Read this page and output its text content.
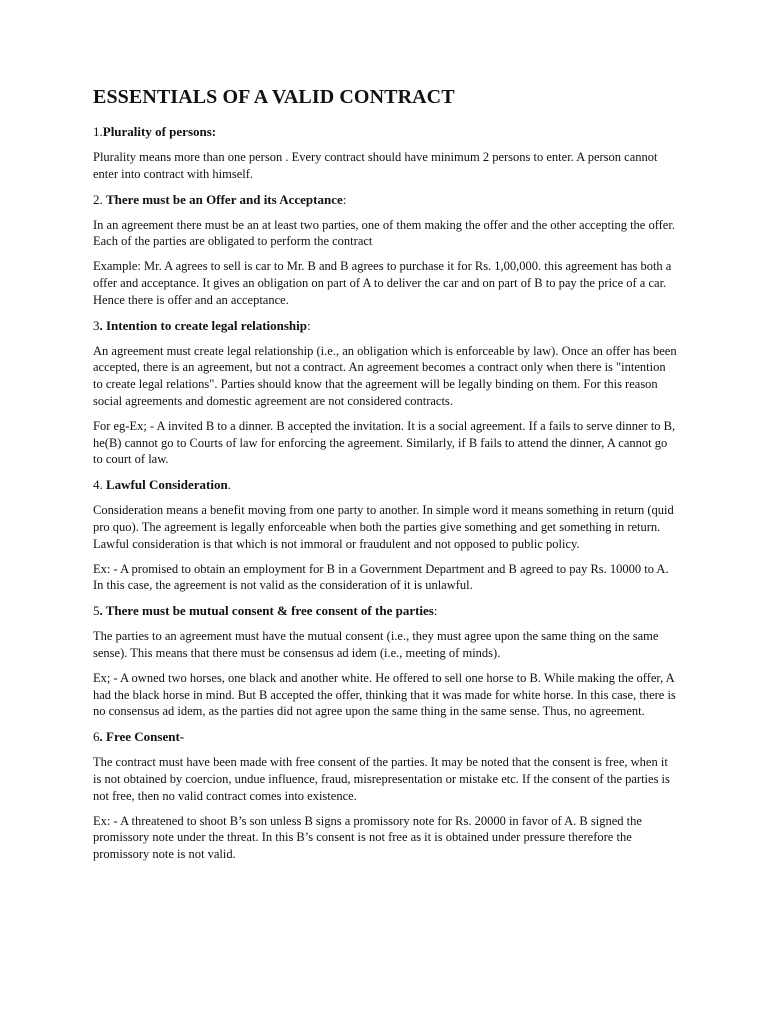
ESSENTIALS OF A VALID CONTRACT
1.Plurality of persons:

Plurality means more than one person . Every contract should have minimum 2 persons to enter. A person cannot enter into contract with himself.

2. There must be an Offer and its Acceptance:

In an agreement there must be an at least two parties, one of them making the offer and the other accepting the offer. Each of the parties are obligated to perform the contract

Example: Mr. A agrees to sell is car to Mr. B and B agrees to purchase it for Rs. 1,00,000. this agreement has both a offer and acceptance. It gives an obligation on part of A to deliver the car and on part of B to pay the price of a car. Hence there is offer and an acceptance.

3. Intention to create legal relationship:

An agreement must create legal relationship (i.e., an obligation which is enforceable by law). Once an offer has been accepted, there is an agreement, but not a contract. An agreement becomes a contract only when there is "intention to create legal relations". Parties should know that the agreement will be legally binding on them. For this reason social agreements and domestic agreement are not considered contracts.

For eg-Ex; - A invited B to a dinner. B accepted the invitation. It is a social agreement. If a fails to serve dinner to B, he(B) cannot go to Courts of law for enforcing the agreement. Similarly, if B fails to attend the dinner, A cannot go to court of law.

4. Lawful Consideration.

Consideration means a benefit moving from one party to another. In simple word it means something in return (quid pro quo). The agreement is legally enforceable when both the parties give something and get something in return. Lawful consideration is that which is not immoral or fraudulent and not opposed to public policy.

Ex: - A promised to obtain an employment for B in a Government Department and B agreed to pay Rs. 10000 to A. In this case, the agreement is not valid as the consideration of it is unlawful.

5. There must be mutual consent & free consent of the parties:

The parties to an agreement must have the mutual consent (i.e., they must agree upon the same thing on the same sense). This means that there must be consensus ad idem (i.e., meeting of minds).

Ex; - A owned two horses, one black and another white. He offered to sell one horse to B. While making the offer, A had the black horse in mind. But B accepted the offer, thinking that it was made for white horse. In this case, there is no consensus ad idem, as the parties did not agree upon the same thing in the same sense. Thus, no agreement.

6. Free Consent-

The contract must have been made with free consent of the parties. It may be noted that the consent is free, when it is not obtained by coercion, undue influence, fraud, misrepresentation or mistake etc. If the consent of the parties is not free, then no valid contract comes into existence.

Ex: - A threatened to shoot B’s son unless B signs a promissory note for Rs. 20000 in favor of A. B signed the promissory note under the threat. In this B’s consent is not free as it is obtained under pressure therefore the promissory note is not valid.
